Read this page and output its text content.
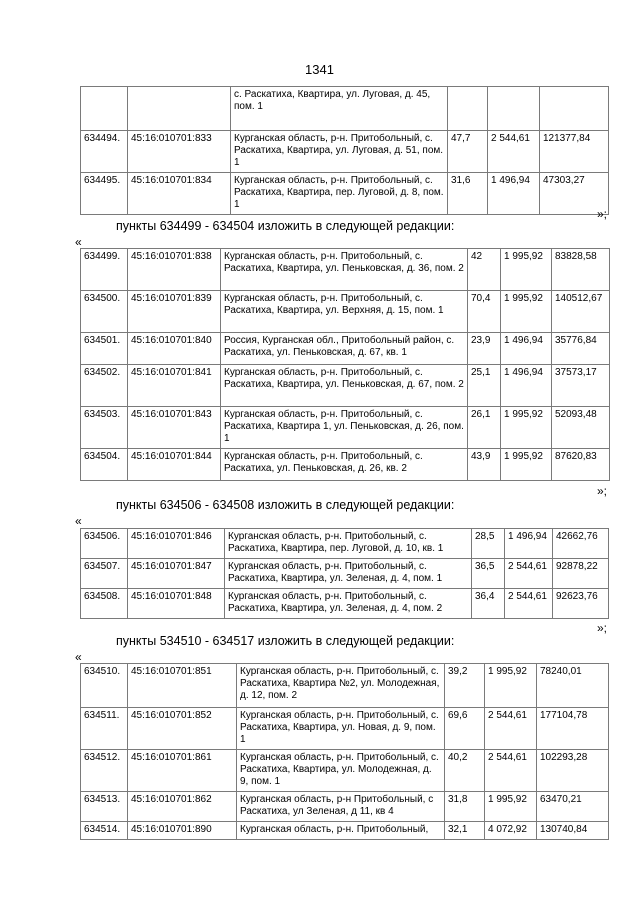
1341
		с. Раскатиха, Квартира, ул. Луговая, д. 45, пом. 1			
634494.	45:16:010701:833	Курганская область, р-н. Притобольный, с. Раскатиха, Квартира, ул. Луговая, д. 51, пом. 1	47,7	2 544,61	121377,84
634495.	45:16:010701:834	Курганская область, р-н. Притобольный, с. Раскатиха, Квартира, пер. Луговой, д. 8, пом. 1	31,6	1 496,94	47303,27
»;
пункты 634499 - 634504 изложить в следующей редакции:
«
634499.	45:16:010701:838	Курганская область, р-н. Притобольный, с. Раскатиха, Квартира, ул. Пеньковская, д. 36, пом. 2	42	1 995,92	83828,58
634500.	45:16:010701:839	Курганская область, р-н. Притобольный, с. Раскатиха, Квартира, ул. Верхняя, д. 15, пом. 1	70,4	1 995,92	140512,67
634501.	45:16:010701:840	Россия, Курганская обл., Притобольный район, с. Раскатиха, ул. Пеньковская, д. 67, кв. 1	23,9	1 496,94	35776,84
634502.	45:16:010701:841	Курганская область, р-н. Притобольный, с. Раскатиха, Квартира, ул. Пеньковская, д. 67, пом. 2	25,1	1 496,94	37573,17
634503.	45:16:010701:843	Курганская область, р-н. Притобольный, с. Раскатиха, Квартира 1, ул. Пеньковская, д. 26, пом. 1	26,1	1 995,92	52093,48
634504.	45:16:010701:844	Курганская область, р-н. Притобольный, с. Раскатиха, ул. Пеньковская, д. 26, кв. 2	43,9	1 995,92	87620,83
»;
пункты 634506 - 634508 изложить в следующей редакции:
«
634506.	45:16:010701:846	Курганская область, р-н. Притобольный, с. Раскатиха, Квартира, пер. Луговой, д. 10, кв. 1	28,5	1 496,94	42662,76
634507.	45:16:010701:847	Курганская область, р-н. Притобольный, с. Раскатиха, Квартира, ул. Зеленая, д. 4, пом. 1	36,5	2 544,61	92878,22
634508.	45:16:010701:848	Курганская область, р-н. Притобольный, с. Раскатиха, Квартира, ул. Зеленая, д. 4, пом. 2	36,4	2 544,61	92623,76
»;
пункты 534510 - 634517 изложить в следующей редакции:
«
634510.	45:16:010701:851	Курганская область, р-н. Притобольный, с. Раскатиха, Квартира №2, ул. Молодежная, д. 12, пом. 2	39,2	1 995,92	78240,01
634511.	45:16:010701:852	Курганская область, р-н. Притобольный, с. Раскатиха, Квартира, ул. Новая, д. 9, пом. 1	69,6	2 544,61	177104,78
634512.	45:16:010701:861	Курганская область, р-н. Притобольный, с. Раскатиха, Квартира, ул. Молодежная, д. 9, пом. 1	40,2	2 544,61	102293,28
634513.	45:16:010701:862	Курганская область, р-н Притобольный, с Раскатиха, ул Зеленая, д 11, кв 4	31,8	1 995,92	63470,21
634514.	45:16:010701:890	Курганская область, р-н. Притобольный,	32,1	4 072,92	130740,84
